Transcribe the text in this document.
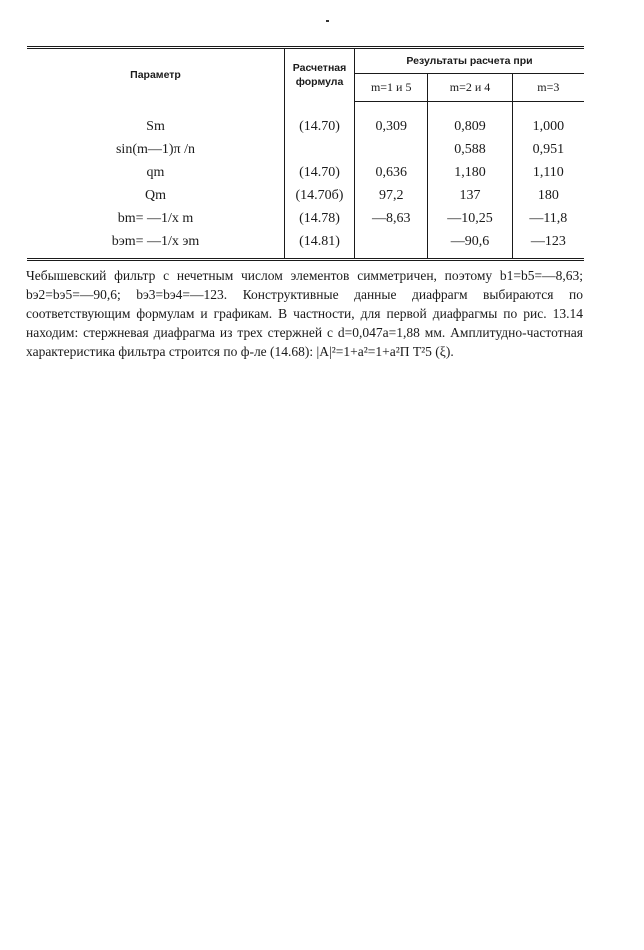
Параметр	Расчетная формула	Результаты расчета при		
		m=1 и 5	m=2 и 4	m=3
Sm	(14.70)	0,309	0,809	1,000
sin(m—1)π /n			0,588	0,951
qm	(14.70)	0,636	1,180	1,110
Qm	(14.70б)	97,2	137	180
bm= —1/x m	(14.78)	—8,63	—10,25	—11,8
bэm= —1/x эm	(14.81)		—90,6	—123

Чебышевский фильтр с нечетным числом элементов симметричен, поэтому b1=b5=—8,63; bэ2=bэ5=—90,6; bэ3=bэ4=—123. Конструктивные данные диафрагм выбираются по соответствующим формулам и графикам. В частности, для первой диафрагмы по рис. 13.14 находим: стержневая диафрагма из трех стержней с d=0,047a=1,88 мм. Амплитудно-частотная характеристика фильтра строится по ф-ле (14.68): |A|²=1+a²=1+a²П T²5 (ξ).
